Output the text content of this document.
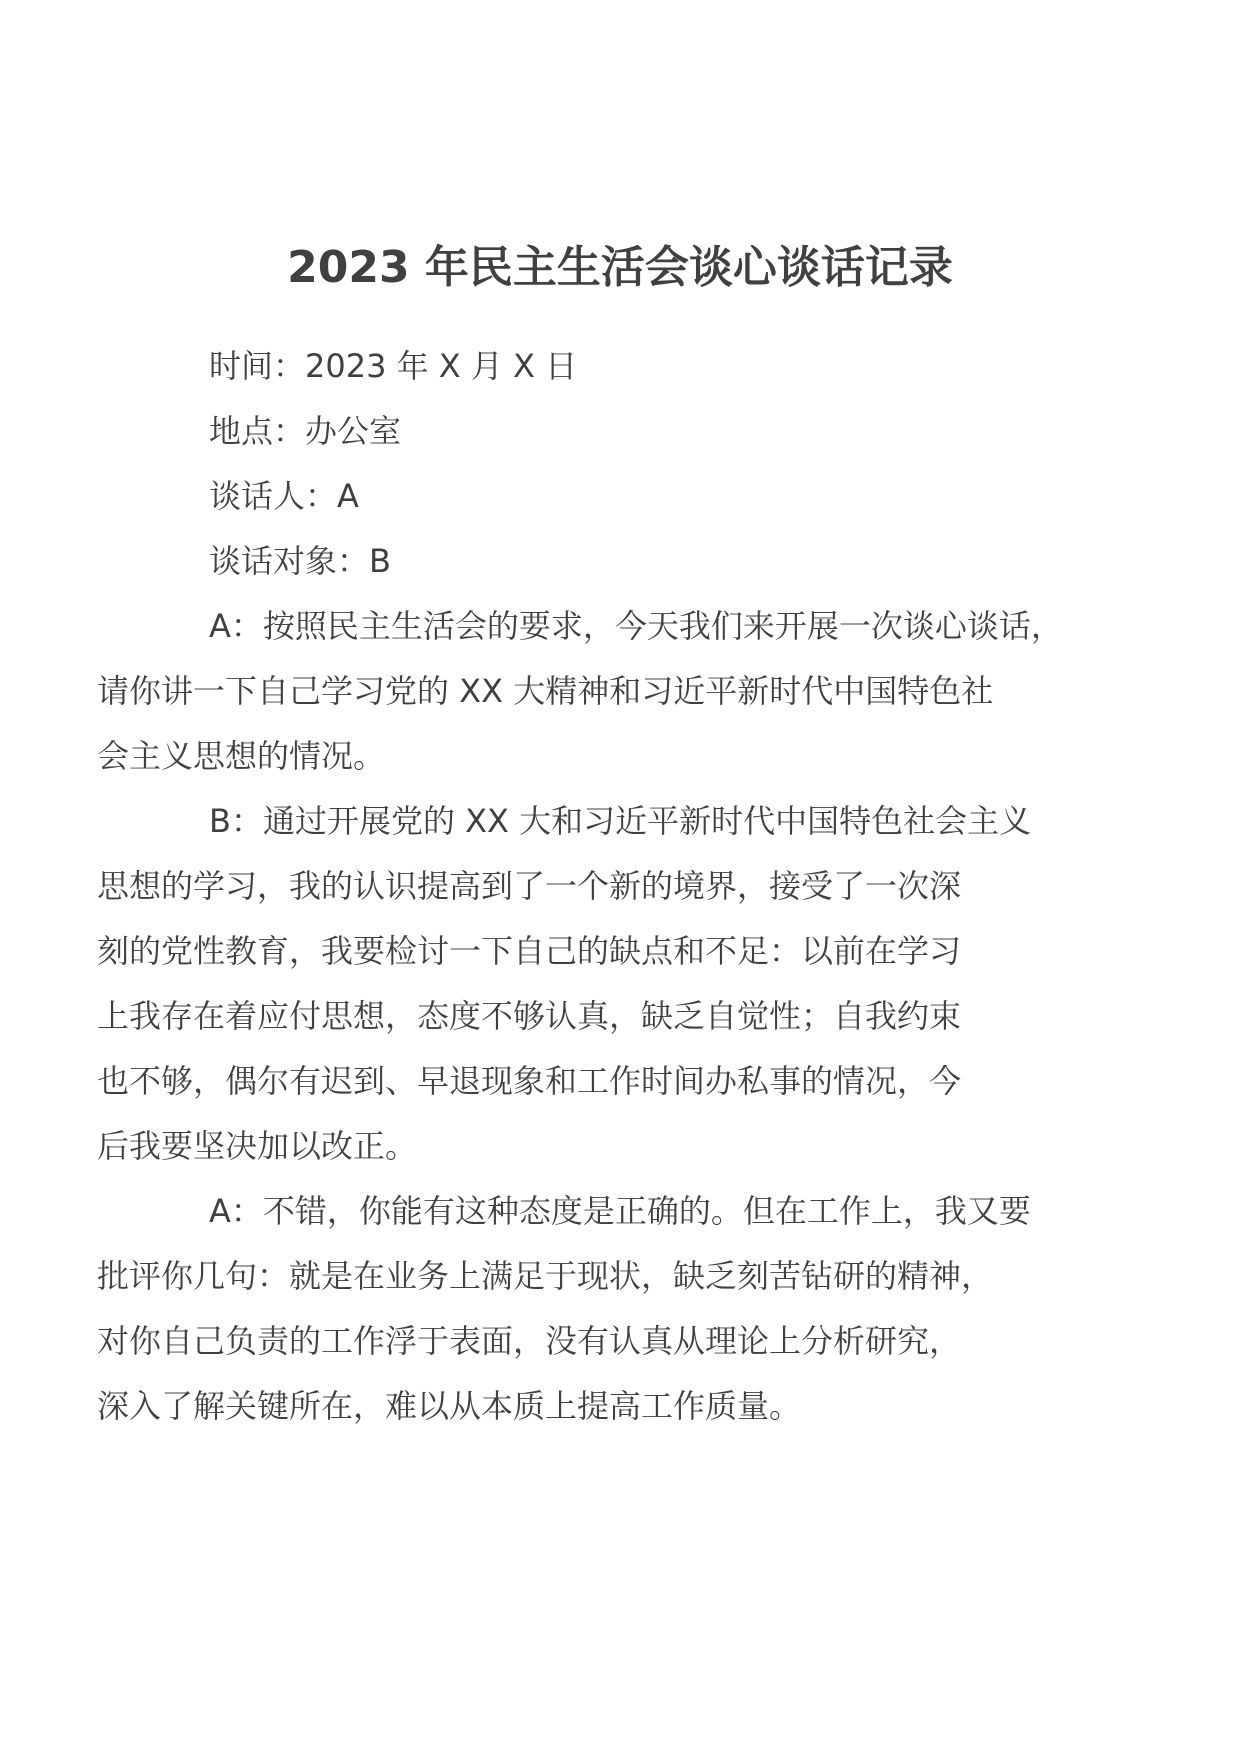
2023 年民主生活会谈心谈话记录

时间：2023 年 X 月 X 日

地点：办公室

谈话人：A

谈话对象：B

A：按照民主生活会的要求，今天我们来开展一次谈心谈话，
请你讲一下自己学习党的 XX 大精神和习近平新时代中国特色社
会主义思想的情况。

B：通过开展党的 XX 大和习近平新时代中国特色社会主义
思想的学习，我的认识提高到了一个新的境界，接受了一次深
刻的党性教育，我要检讨一下自己的缺点和不足：以前在学习
上我存在着应付思想，态度不够认真，缺乏自觉性；自我约束
也不够，偶尔有迟到、早退现象和工作时间办私事的情况，今
后我要坚决加以改正。

A：不错，你能有这种态度是正确的。但在工作上，我又要
批评你几句：就是在业务上满足于现状，缺乏刻苦钻研的精神，
对你自己负责的工作浮于表面，没有认真从理论上分析研究，
深入了解关键所在，难以从本质上提高工作质量。
